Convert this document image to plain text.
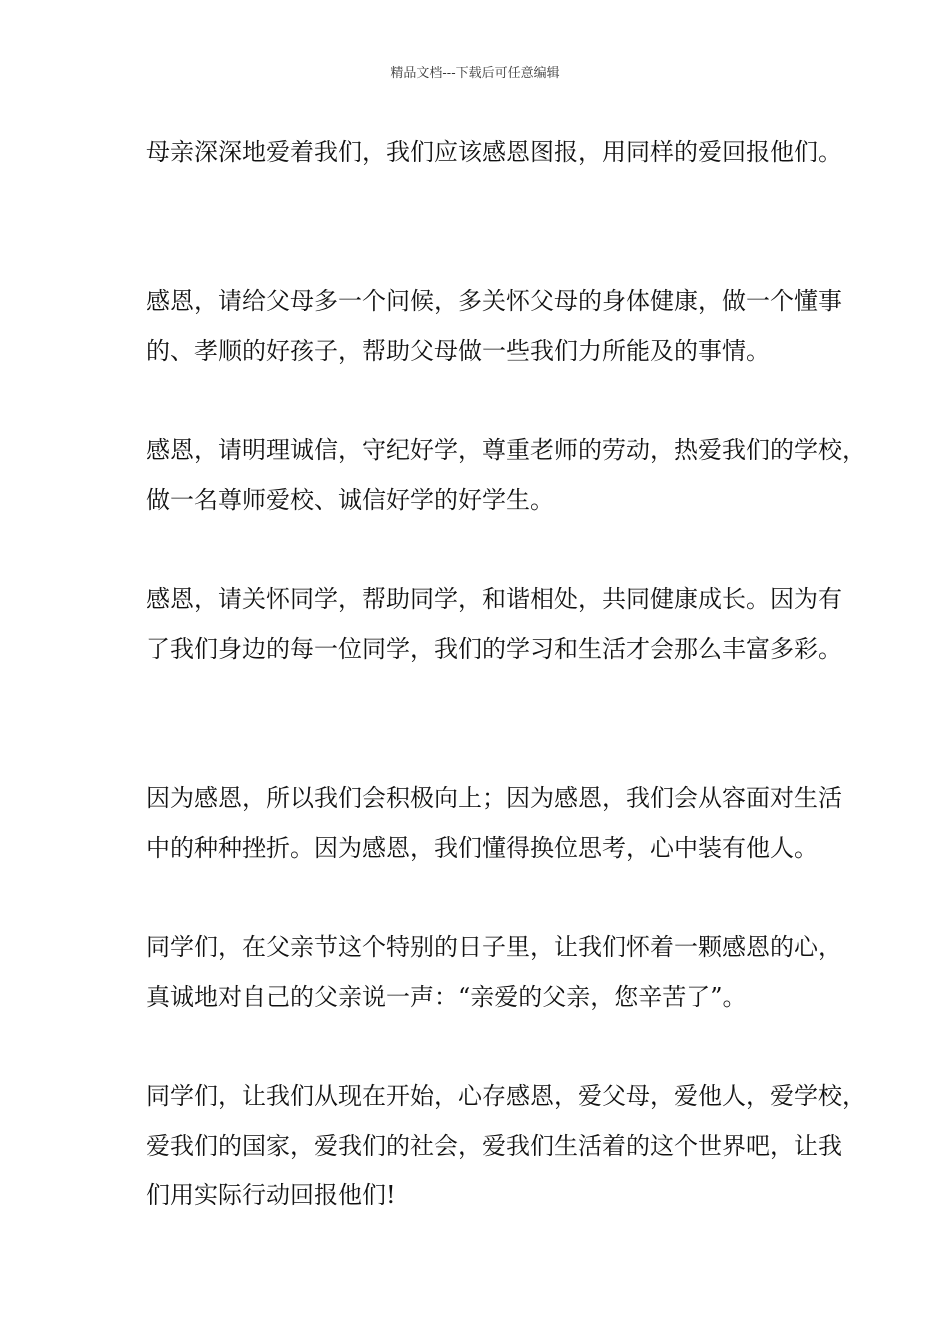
精品文档---下载后可任意编辑
母亲深深地爱着我们，我们应该感恩图报，用同样的爱回报他们。
感恩，请给父母多一个问候，多关怀父母的身体健康，做一个懂事
的、孝顺的好孩子，帮助父母做一些我们力所能及的事情。
感恩，请明理诚信，守纪好学，尊重老师的劳动，热爱我们的学校，
做一名尊师爱校、诚信好学的好学生。
感恩，请关怀同学，帮助同学，和谐相处，共同健康成长。因为有
了我们身边的每一位同学，我们的学习和生活才会那么丰富多彩。
因为感恩，所以我们会积极向上；因为感恩，我们会从容面对生活
中的种种挫折。因为感恩，我们懂得换位思考，心中装有他人。
同学们，在父亲节这个特别的日子里，让我们怀着一颗感恩的心，
真诚地对自己的父亲说一声：“亲爱的父亲，您辛苦了”。
同学们，让我们从现在开始，心存感恩，爱父母，爱他人，爱学校，
爱我们的国家，爱我们的社会，爱我们生活着的这个世界吧，让我
们用实际行动回报他们!
